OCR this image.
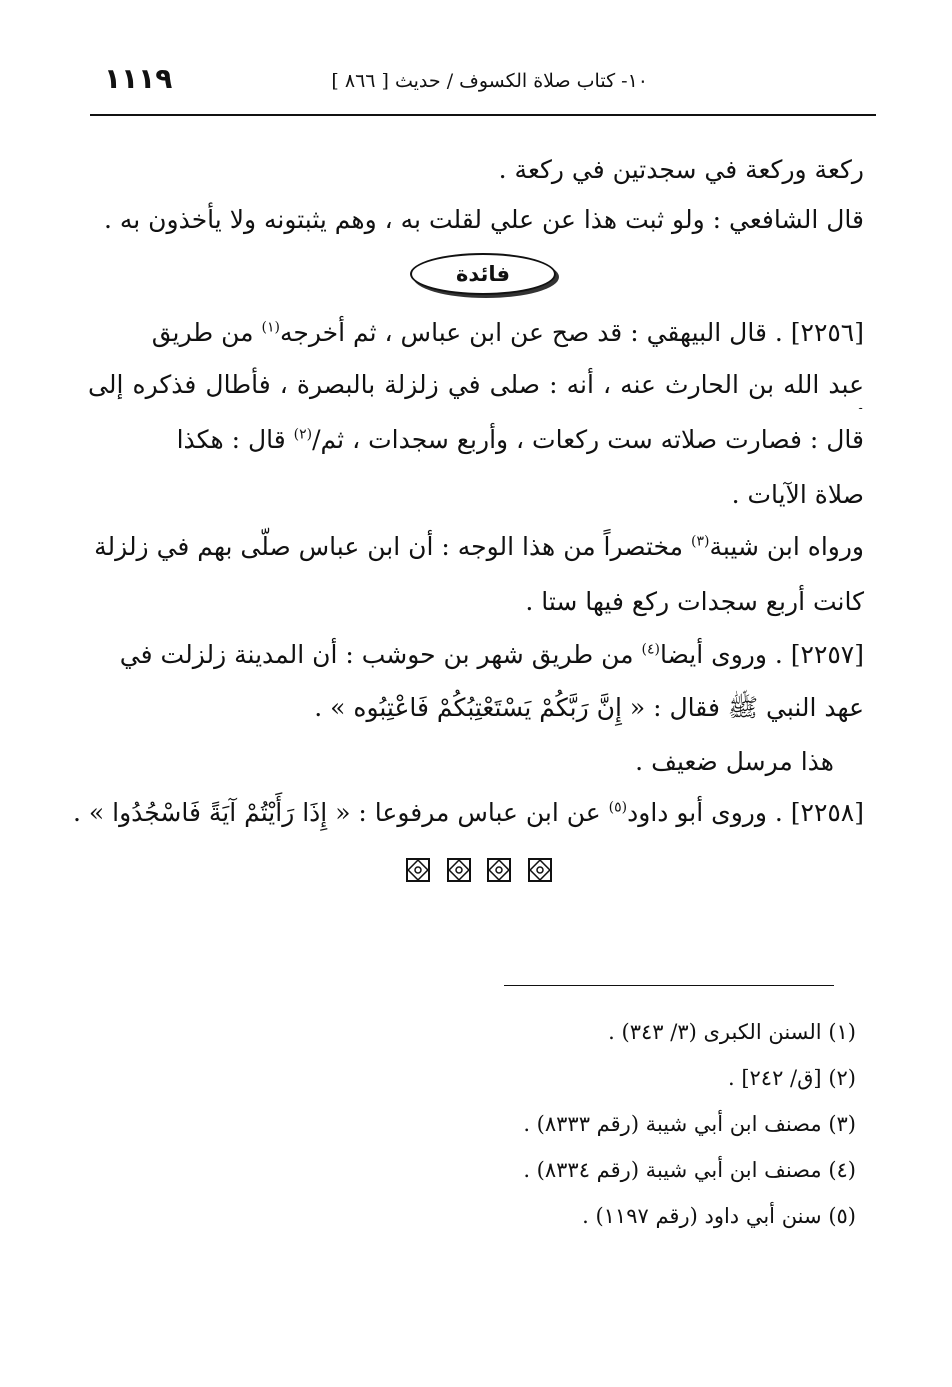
١١١٩	١٠- كتاب صلاة الكسوف / حديث [ ٨٦٦ ]
ركعة وركعة في سجدتين في ركعة .
قال الشافعي : ولو ثبت هذا عن علي لقلت به ، وهم يثبتونه ولا يأخذون به .
فائدة
[٢٢٥٦] . قال البيهقي : قد صح عن ابن عباس ، ثم أخرجه$^{(١)}$ من طريق
عبد الله بن الحارث عنه ، أنه : صلى في زلزلة بالبصرة ، فأطال فذكره إلى
قال : فصارت صلاته ست ركعات ، وأربع سجدات ، ثم/$^{(٢)}$ قال : هكذا
صلاة الآيات .
ورواه ابن شيبة$^{(٣)}$ مختصراً من هذا الوجه : أن ابن عباس صلّى بهم في زلزلة
كانت أربع سجدات ركع فيها ستا .
[٢٢٥٧] . وروى أيضا$^{(٤)}$ من طريق شهر بن حوشب : أن المدينة زلزلت في
عهد النبي ﷺ فقال : « إِنَّ رَبَّكُمْ يَسْتَعْتِبُكُمْ فَاعْتِبُوه » .
هذا مرسل ضعيف .
[٢٢٥٨] . وروى أبو داود$^{(٥)}$ عن ابن عباس مرفوعا : « إِذَا رَأَيْتُمْ آيَةً فَاسْجُدُوا » .
(١) السنن الكبرى (٣/ ٣٤٣) .
(٢) [ق/ ٢٤٢] .
(٣) مصنف ابن أبي شيبة (رقم ٨٣٣٣) .
(٤) مصنف ابن أبي شيبة (رقم ٨٣٣٤) .
(٥) سنن أبي داود (رقم ١١٩٧) .
